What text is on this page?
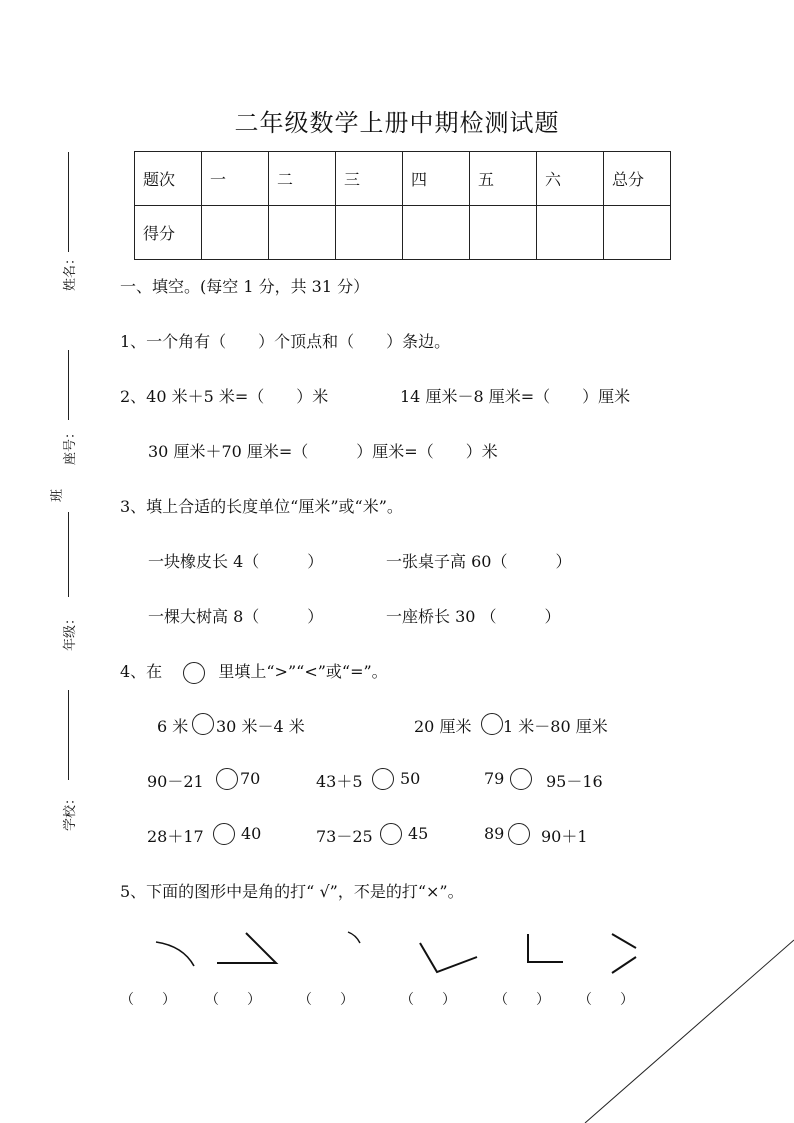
二年级数学上册中期检测试题
姓名：
座号：
班
年级：
学校：
题次	一	二	三	四	五	六	总分
得分							
一、填空。(每空 1 分，共 31 分）
1、一个角有（　　）个顶点和（　　）条边。
2、40 米＋5 米=（　　）米	14 厘米－8 厘米=（　　）厘米
30 厘米＋70 厘米=（　　　）厘米=（　　）米
3、填上合适的长度单位“厘米”或“米”。
一块橡皮长 4（　　　）	一张桌子高 60（　　　）
一棵大树高 8（　　　）	一座桥长 30 （　　　）
4、在	里填上“>”“<”或“=”。
6 米 30 米－4 米	20 厘米 1 米－80 厘米
90－21 70	43＋5 50	79	95－16
28＋17 40	73－25 45	89 90＋1
5、下面的图形中是角的打“ √”，不是的打“×”。
（　　） （　　）	（　　）	（　　）	（　　） （　　）
